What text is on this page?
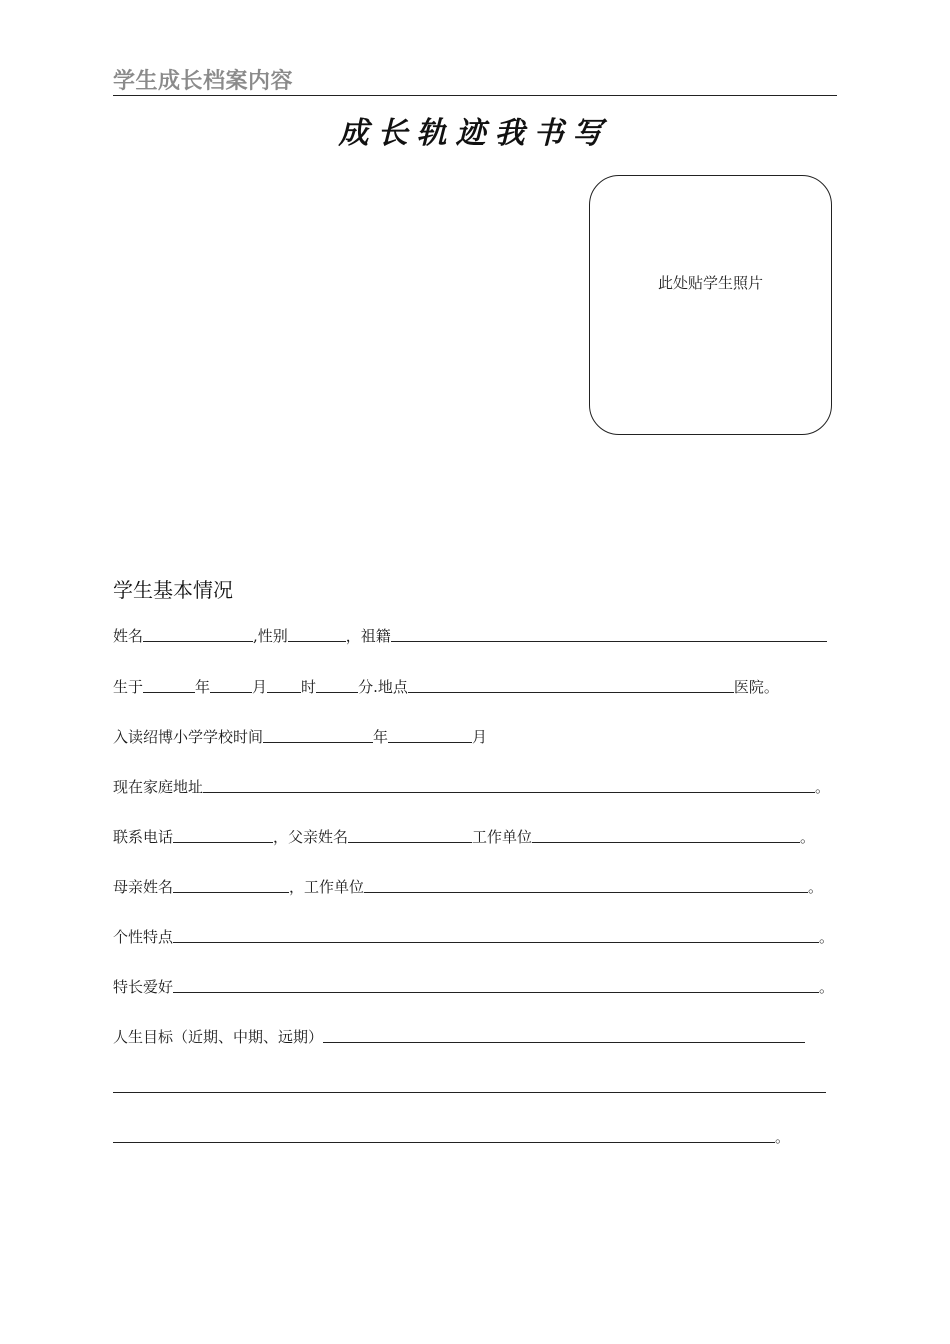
学生成长档案内容
成长轨迹我书写
此处贴学生照片
学生基本情况
姓名	,性别	，祖籍
生于	年	月 时	分.地点	医院。
入读绍博小学学校时间	年	月
现在家庭地址	。
联系电话	，父亲姓名	工作单位	。
母亲姓名	，工作单位	。
个性特点	。
特长爱好	。
人生目标（近期、中期、远期）
。
